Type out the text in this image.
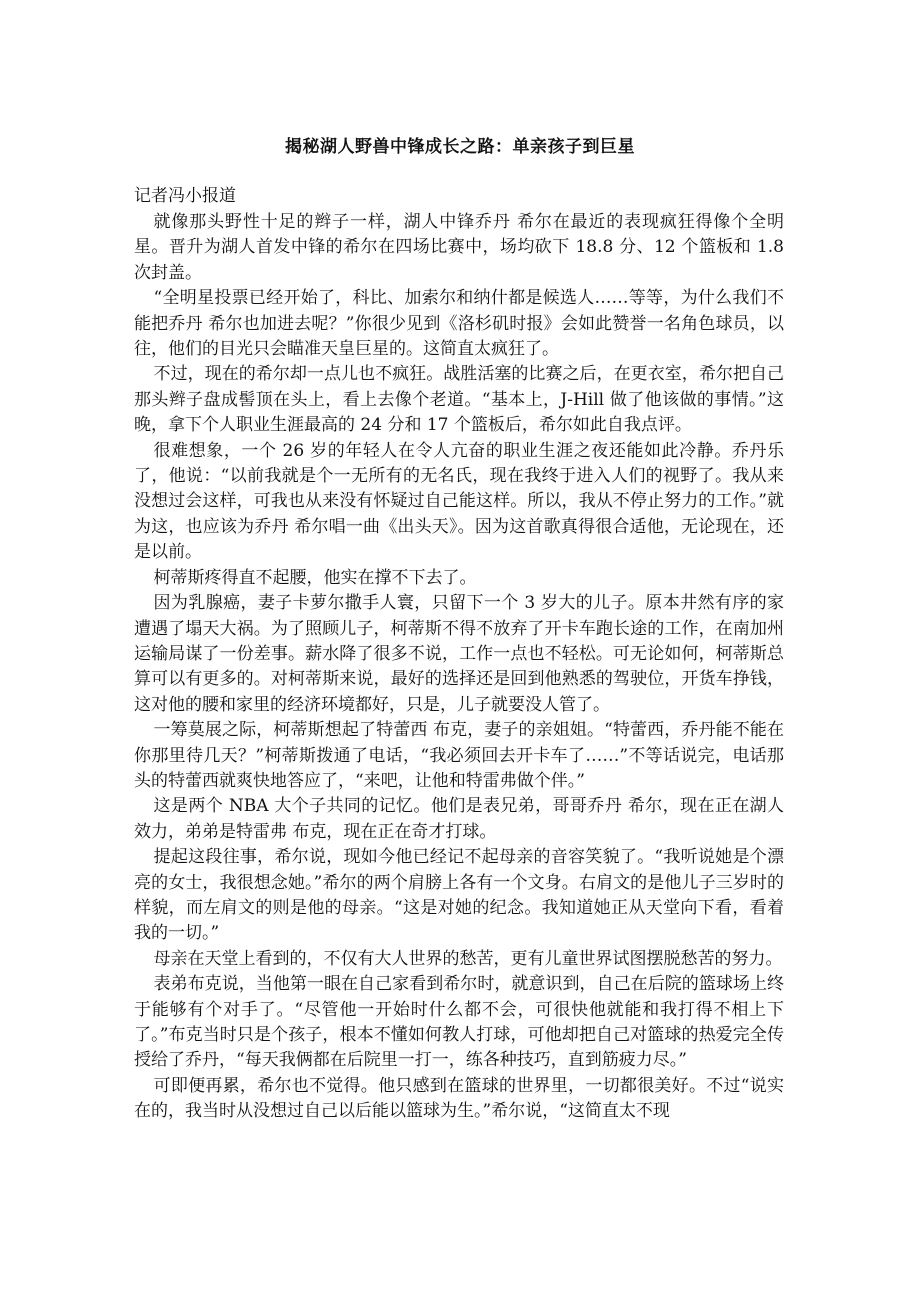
揭秘湖人野兽中锋成长之路：单亲孩子到巨星

记者冯小报道

就像那头野性十足的辫子一样，湖人中锋乔丹 希尔在最近的表现疯狂得像个全明星。晋升为湖人首发中锋的希尔在四场比赛中，场均砍下 18.8 分、12 个篮板和 1.8 次封盖。

“全明星投票已经开始了，科比、加索尔和纳什都是候选人……等等，为什么我们不能把乔丹 希尔也加进去呢？”你很少见到《洛杉矶时报》会如此赞誉一名角色球员，以往，他们的目光只会瞄准天皇巨星的。这简直太疯狂了。

不过，现在的希尔却一点儿也不疯狂。战胜活塞的比赛之后，在更衣室，希尔把自己那头辫子盘成髻顶在头上，看上去像个老道。“基本上，J-Hill 做了他该做的事情。”这晚，拿下个人职业生涯最高的 24 分和 17 个篮板后，希尔如此自我点评。

很难想象，一个 26 岁的年轻人在令人亢奋的职业生涯之夜还能如此冷静。乔丹乐了，他说：“以前我就是个一无所有的无名氏，现在我终于进入人们的视野了。我从来没想过会这样，可我也从来没有怀疑过自己能这样。所以，我从不停止努力的工作。”就为这，也应该为乔丹 希尔唱一曲《出头天》。因为这首歌真得很合适他，无论现在，还是以前。

柯蒂斯疼得直不起腰，他实在撑不下去了。

因为乳腺癌，妻子卡萝尔撒手人寰，只留下一个 3 岁大的儿子。原本井然有序的家遭遇了塌天大祸。为了照顾儿子，柯蒂斯不得不放弃了开卡车跑长途的工作，在南加州运输局谋了一份差事。薪水降了很多不说，工作一点也不轻松。可无论如何，柯蒂斯总算可以有更多的。对柯蒂斯来说，最好的选择还是回到他熟悉的驾驶位，开货车挣钱，这对他的腰和家里的经济环境都好，只是，儿子就要没人管了。

一筹莫展之际，柯蒂斯想起了特蕾西 布克，妻子的亲姐姐。“特蕾西，乔丹能不能在你那里待几天？”柯蒂斯拨通了电话，“我必须回去开卡车了……”不等话说完，电话那头的特蕾西就爽快地答应了，“来吧，让他和特雷弗做个伴。”

这是两个 NBA 大个子共同的记忆。他们是表兄弟，哥哥乔丹 希尔，现在正在湖人效力，弟弟是特雷弗 布克，现在正在奇才打球。

提起这段往事，希尔说，现如今他已经记不起母亲的音容笑貌了。“我听说她是个漂亮的女士，我很想念她。”希尔的两个肩膀上各有一个文身。右肩文的是他儿子三岁时的样貌，而左肩文的则是他的母亲。“这是对她的纪念。我知道她正从天堂向下看，看着我的一切。”

母亲在天堂上看到的，不仅有大人世界的愁苦，更有儿童世界试图摆脱愁苦的努力。

表弟布克说，当他第一眼在自己家看到希尔时，就意识到，自己在后院的篮球场上终于能够有个对手了。“尽管他一开始时什么都不会，可很快他就能和我打得不相上下了。”布克当时只是个孩子，根本不懂如何教人打球，可他却把自己对篮球的热爱完全传授给了乔丹，“每天我俩都在后院里一打一，练各种技巧，直到筋疲力尽。”

可即便再累，希尔也不觉得。他只感到在篮球的世界里，一切都很美好。不过“说实在的，我当时从没想过自己以后能以篮球为生。”希尔说，“这简直太不现
